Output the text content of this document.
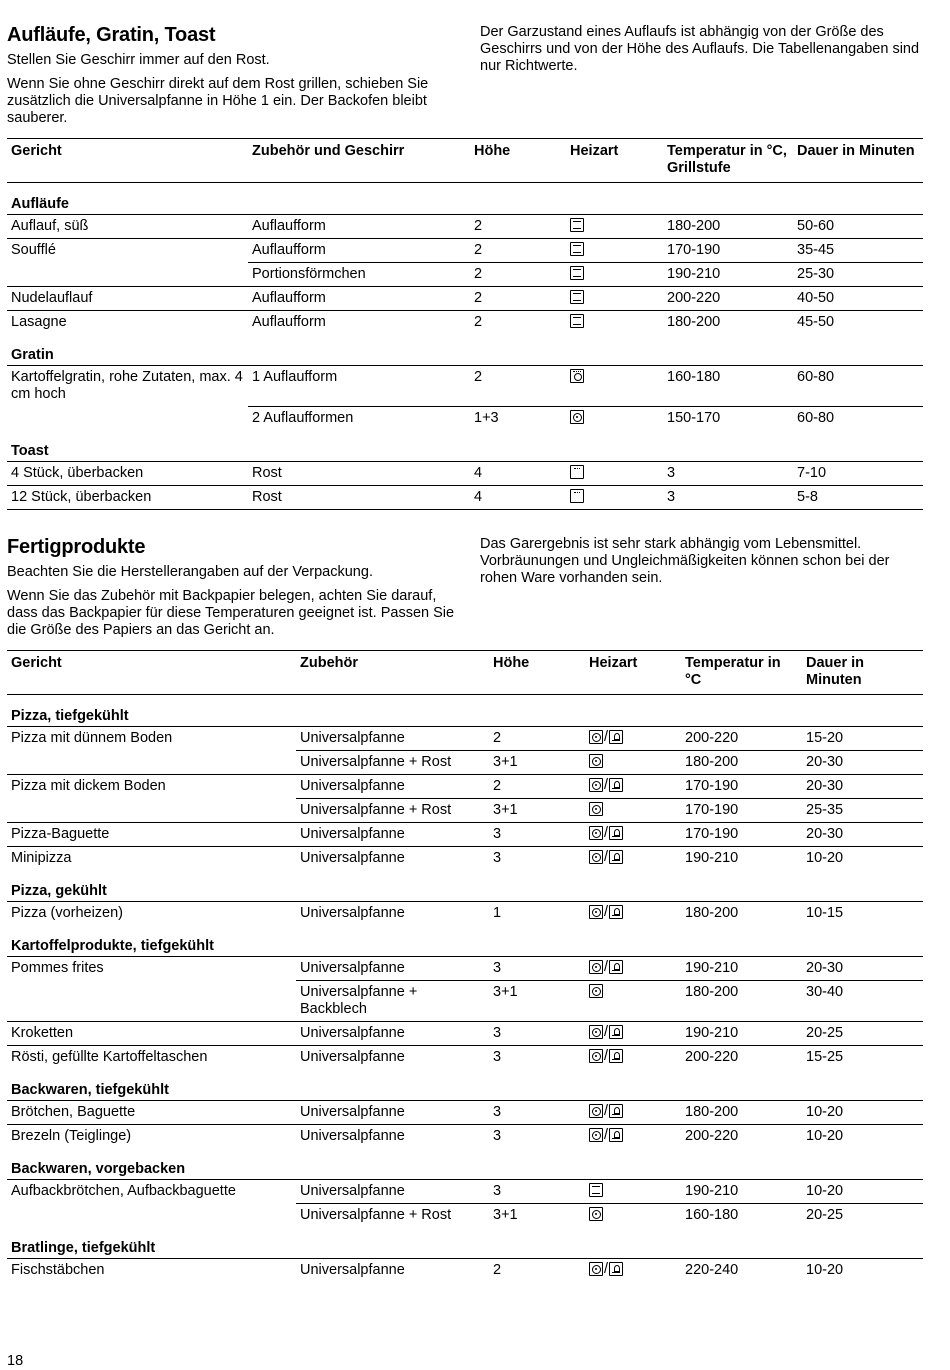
Aufläufe, Gratin, Toast

Stellen Sie Geschirr immer auf den Rost.

Wenn Sie ohne Geschirr direkt auf dem Rost grillen, schieben Sie zusätzlich die Universalpfanne in Höhe 1 ein. Der Backofen bleibt sauberer.

Der Garzustand eines Auflaufs ist abhängig von der Größe des Geschirrs und von der Höhe des Auflaufs. Die Tabellenangaben sind nur Richtwerte.

Gericht	Zubehör und Geschirr	Höhe	Heizart	Temperatur in °C, Grillstufe	Dauer in Minuten
Aufläufe					
Auflauf, süß	Auflaufform	2		180-200	50-60
Soufflé	Auflaufform	2		170-190	35-45
	Portionsförmchen	2		190-210	25-30
Nudelauflauf	Auflaufform	2		200-220	40-50
Lasagne	Auflaufform	2		180-200	45-50
Gratin					
Kartoffelgratin, rohe Zutaten, max. 4 cm hoch	1 Auflaufform	2		160-180	60-80
	2 Auflaufformen	1+3		150-170	60-80
Toast					
4 Stück, überbacken	Rost	4		3	7-10
12 Stück, überbacken	Rost	4		3	5-8
Fertigprodukte

Beachten Sie die Herstellerangaben auf der Verpackung.

Wenn Sie das Zubehör mit Backpapier belegen, achten Sie darauf, dass das Backpapier für diese Temperaturen geeignet ist. Passen Sie die Größe des Papiers an das Gericht an.

Das Garergebnis ist sehr stark abhängig vom Lebensmittel. Vorbräunungen und Ungleichmäßigkeiten können schon bei der rohen Ware vorhanden sein.

Gericht	Zubehör	Höhe	Heizart	Temperatur in °C	Dauer in Minuten
Pizza, tiefgekühlt					
Pizza mit dünnem Boden	Universalpfanne	2	/	200-220	15-20
	Universalpfanne + Rost	3+1		180-200	20-30
Pizza mit dickem Boden	Universalpfanne	2	/	170-190	20-30
	Universalpfanne + Rost	3+1		170-190	25-35
Pizza-Baguette	Universalpfanne	3	/	170-190	20-30
Minipizza	Universalpfanne	3	/	190-210	10-20
Pizza, gekühlt					
Pizza (vorheizen)	Universalpfanne	1	/	180-200	10-15
Kartoffelprodukte, tiefgekühlt					
Pommes frites	Universalpfanne	3	/	190-210	20-30
	Universalpfanne + Backblech	3+1		180-200	30-40
Kroketten	Universalpfanne	3	/	190-210	20-25
Rösti, gefüllte Kartoffeltaschen	Universalpfanne	3	/	200-220	15-25
Backwaren, tiefgekühlt					
Brötchen, Baguette	Universalpfanne	3	/	180-200	10-20
Brezeln (Teiglinge)	Universalpfanne	3	/	200-220	10-20
Backwaren, vorgebacken					
Aufbackbrötchen, Aufbackbaguette	Universalpfanne	3		190-210	10-20
	Universalpfanne + Rost	3+1		160-180	20-25
Bratlinge, tiefgekühlt					
Fischstäbchen	Universalpfanne	2	/	220-240	10-20
18
